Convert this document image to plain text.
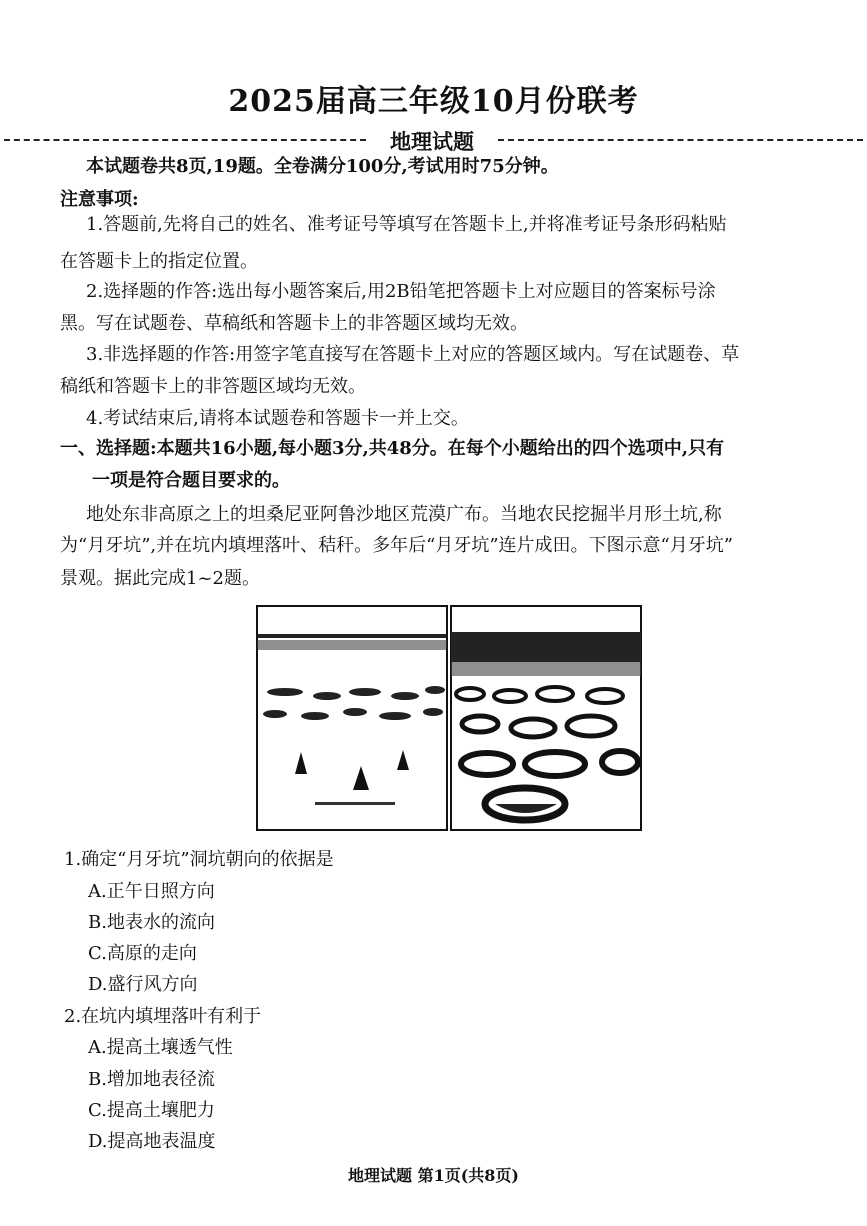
2025届高三年级10月份联考
地理试题
本试题卷共8页,19题。全卷满分100分,考试用时75分钟。
注意事项:
1.答题前,先将自己的姓名、准考证号等填写在答题卡上,并将准考证号条形码粘贴
在答题卡上的指定位置。
2.选择题的作答:选出每小题答案后,用2B铅笔把答题卡上对应题目的答案标号涂
黑。写在试题卷、草稿纸和答题卡上的非答题区域均无效。
3.非选择题的作答:用签字笔直接写在答题卡上对应的答题区域内。写在试题卷、草
稿纸和答题卡上的非答题区域均无效。
4.考试结束后,请将本试题卷和答题卡一并上交。
一、选择题:本题共16小题,每小题3分,共48分。在每个小题给出的四个选项中,只有
一项是符合题目要求的。
地处东非高原之上的坦桑尼亚阿鲁沙地区荒漠广布。当地农民挖掘半月形土坑,称
为“月牙坑”,并在坑内填埋落叶、秸秆。多年后“月牙坑”连片成田。下图示意“月牙坑”
景观。据此完成1~2题。
1.确定“月牙坑”洞坑朝向的依据是
A.正午日照方向
B.地表水的流向
C.高原的走向
D.盛行风方向
2.在坑内填埋落叶有利于
A.提高土壤透气性
B.增加地表径流
C.提高土壤肥力
D.提高地表温度
地理试题 第1页(共8页)
